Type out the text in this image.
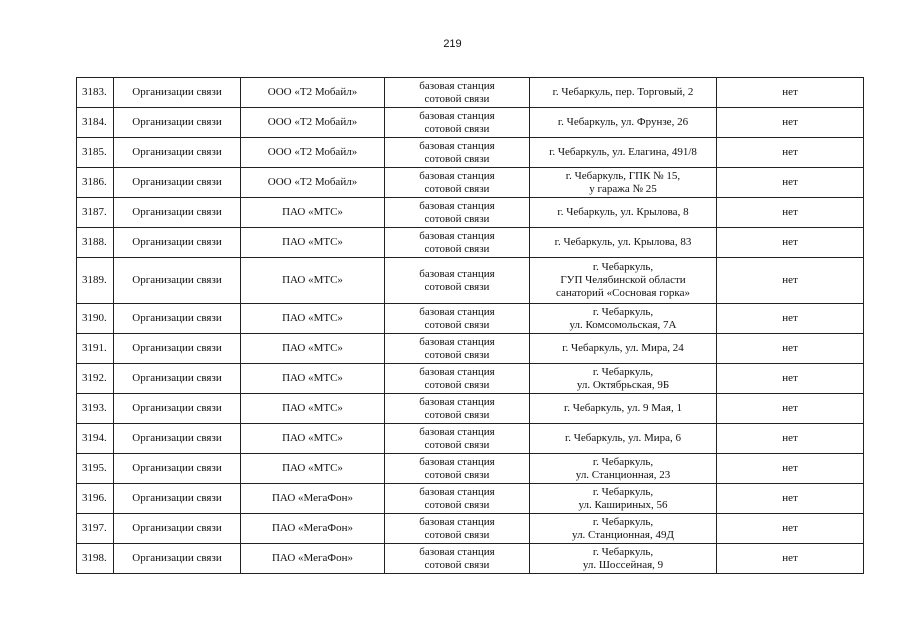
219
3183.	Организации связи	ООО «Т2 Мобайл»	базовая станция
сотовой связи	г. Чебаркуль, пер. Торговый, 2	нет
3184.	Организации связи	ООО «Т2 Мобайл»	базовая станция
сотовой связи	г. Чебаркуль, ул. Фрунзе, 26	нет
3185.	Организации связи	ООО «Т2 Мобайл»	базовая станция
сотовой связи	г. Чебаркуль, ул. Елагина, 491/8	нет
3186.	Организации связи	ООО «Т2 Мобайл»	базовая станция
сотовой связи	г. Чебаркуль, ГПК № 15,
у гаража № 25	нет
3187.	Организации связи	ПАО «МТС»	базовая станция
сотовой связи	г. Чебаркуль, ул. Крылова, 8	нет
3188.	Организации связи	ПАО «МТС»	базовая станция
сотовой связи	г. Чебаркуль, ул. Крылова, 83	нет
3189.	Организации связи	ПАО «МТС»	базовая станция
сотовой связи	г. Чебаркуль,
ГУП Челябинской области
санаторий «Сосновая горка»	нет
3190.	Организации связи	ПАО «МТС»	базовая станция
сотовой связи	г. Чебаркуль,
ул. Комсомольская, 7А	нет
3191.	Организации связи	ПАО «МТС»	базовая станция
сотовой связи	г. Чебаркуль, ул. Мира, 24	нет
3192.	Организации связи	ПАО «МТС»	базовая станция
сотовой связи	г. Чебаркуль,
ул. Октябрьская, 9Б	нет
3193.	Организации связи	ПАО «МТС»	базовая станция
сотовой связи	г. Чебаркуль, ул. 9 Мая, 1	нет
3194.	Организации связи	ПАО «МТС»	базовая станция
сотовой связи	г. Чебаркуль, ул. Мира, 6	нет
3195.	Организации связи	ПАО «МТС»	базовая станция
сотовой связи	г. Чебаркуль,
ул. Станционная, 23	нет
3196.	Организации связи	ПАО «МегаФон»	базовая станция
сотовой связи	г. Чебаркуль,
ул. Кашириных, 56	нет
3197.	Организации связи	ПАО «МегаФон»	базовая станция
сотовой связи	г. Чебаркуль,
ул. Станционная, 49Д	нет
3198.	Организации связи	ПАО «МегаФон»	базовая станция
сотовой связи	г. Чебаркуль,
ул. Шоссейная, 9	нет
